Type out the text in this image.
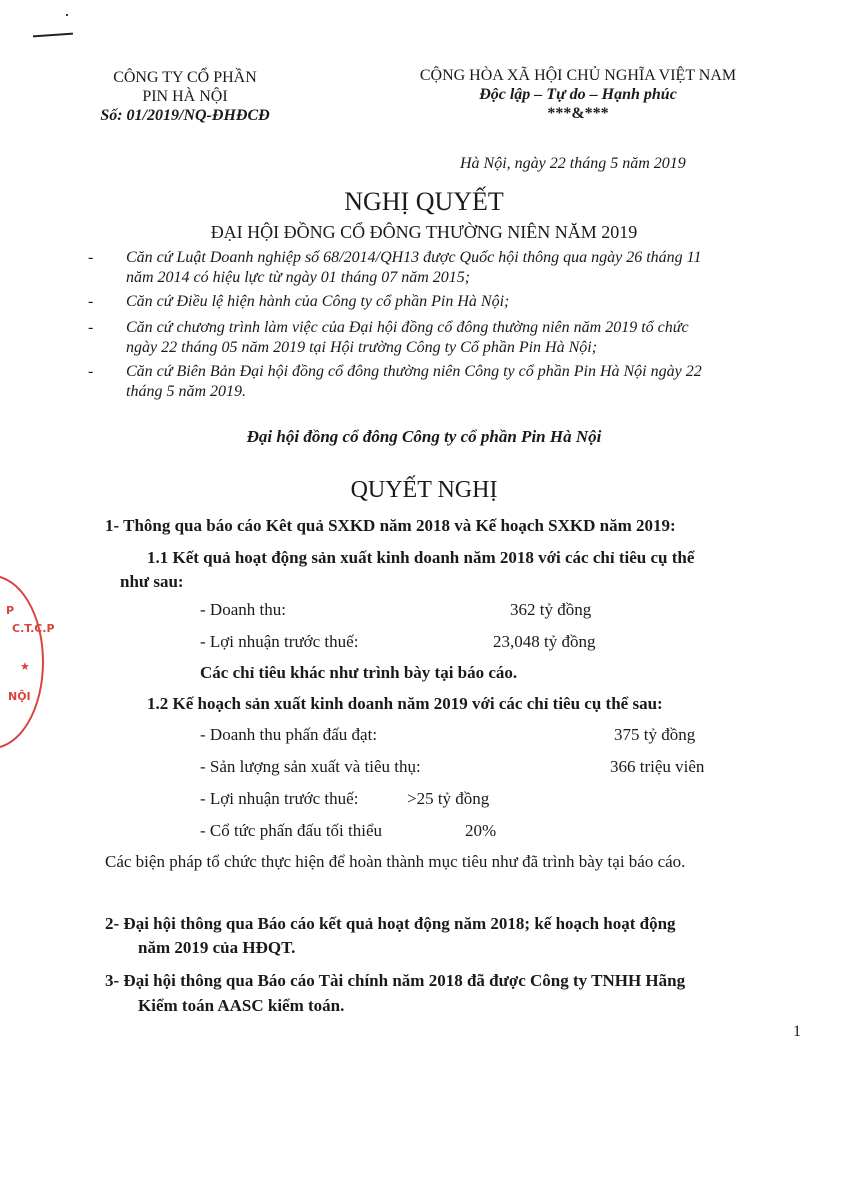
P
C.T.C.P
★
NỘI
CÔNG TY CỔ PHẦN
PIN HÀ NỘI
Số: 01/2019/NQ-ĐHĐCĐ
CỘNG HÒA XÃ HỘI CHỦ NGHĨA VIỆT NAM
Độc lập – Tự do – Hạnh phúc
***&***
Hà Nội, ngày 22 tháng 5 năm 2019
NGHỊ QUYẾT
ĐẠI HỘI ĐỒNG CỔ ĐÔNG THƯỜNG NIÊN NĂM 2019
- Căn cứ Luật Doanh nghiệp số 68/2014/QH13 được Quốc hội thông qua ngày 26 tháng 11
năm 2014 có hiệu lực từ ngày 01 tháng 07 năm 2015;
- Căn cứ Điều lệ hiện hành của Công ty cổ phần Pin Hà Nội;
- Căn cứ chương trình làm việc của Đại hội đồng cổ đông thường niên năm 2019 tổ chức
ngày 22 tháng 05 năm 2019 tại Hội trường Công ty Cổ phần Pin Hà Nội;
- Căn cứ Biên Bản Đại hội đồng cổ đông thường niên Công ty cổ phần Pin Hà Nội ngày 22
tháng 5 năm 2019.
Đại hội đồng cổ đông Công ty cổ phần Pin Hà Nội
QUYẾT NGHỊ
1- Thông qua báo cáo Kêt quả SXKD năm 2018 và Kế hoạch SXKD năm 2019:
1.1 Kết quả hoạt động sản xuất kinh doanh năm 2018 với các chỉ tiêu cụ thể
như sau:
- Doanh thu:	362 tỷ đồng
- Lợi nhuận trước thuế:	23,048 tỷ đồng
Các chỉ tiêu khác như trình bày tại báo cáo.
1.2 Kế hoạch sản xuất kinh doanh năm 2019 với các chỉ tiêu cụ thể sau:
- Doanh thu phấn đấu đạt:	375 tỷ đồng
- Sản lượng sản xuất và tiêu thụ:	366 triệu viên
- Lợi nhuận trước thuế:	>25 tỷ đồng
- Cổ tức phấn đấu tối thiểu	20%
Các biện pháp tổ chức thực hiện để hoàn thành mục tiêu như đã trình bày tại báo cáo.
2- Đại hội thông qua Báo cáo kết quả hoạt động năm 2018; kế hoạch hoạt động
năm 2019 của HĐQT.
3- Đại hội thông qua Báo cáo Tài chính năm 2018 đã được Công ty TNHH Hãng
Kiểm toán AASC kiểm toán.
1
